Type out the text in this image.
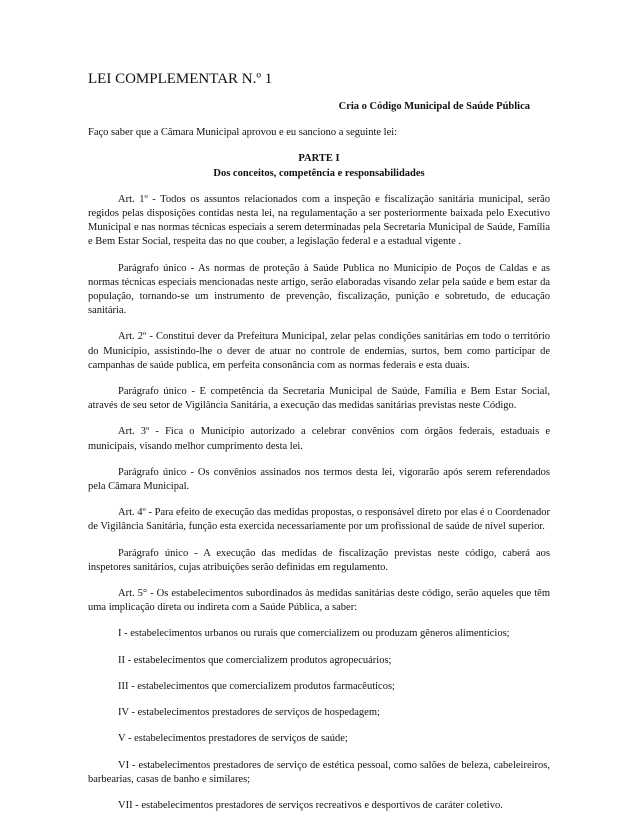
LEI COMPLEMENTAR N.º 1
Cria o Código Municipal de Saúde Pública
Faço saber que a Câmara Municipal aprovou e eu sanciono a seguinte lei:
PARTE I
Dos conceitos, competência e responsabilidades

Art. 1º - Todos os assuntos relacionados com a inspeção e fiscalização sanitária municipal, serão regidos pelas disposições contidas nesta lei, na regulamentação a ser posteriormente baixada pelo Executivo Municipal e nas normas técnicas especiais a serem determinadas pela Secretaria Municipal de Saúde, Família e Bem Estar Social, respeita das no que couber, a legislação federal e a estadual vigente .

Parágrafo único - As normas de proteção à Saúde Publica no Município de Poços de Caldas e as normas técnicas especiais mencionadas neste artigo, serão elaboradas visando zelar pela saúde e bem estar da população, tornando-se um instrumento de prevenção, fiscalização, punição e sobretudo, de educação sanitária.

Art. 2º - Constitui dever da Prefeitura Municipal, zelar pelas condições sanitárias em todo o território do Município, assistindo-lhe o dever de atuar no controle de endemias, surtos, bem como participar de campanhas de saúde publica, em perfeita consonância com as normas federais e esta duais.

Parágrafo único - E competência da Secretaria Municipal de Saúde, Família e Bem Estar Social, através de seu setor de Vigilância Sanitária, a execução das medidas sanitárias previstas neste Código.

Art. 3º - Fica o Município autorizado a celebrar convênios com órgãos federais, estaduais e municipais, visando melhor cumprimento desta lei.

Parágrafo único - Os convênios assinados nos termos desta lei, vigorarão após serem referendados pela Câmara Municipal.

Art. 4º - Para efeito de execução das medidas propostas, o responsável direto por elas é o Coordenador de Vigilância Sanitária, função esta exercida necessariamente por um profissional de saúde de nível superior.

Parágrafo único - A execução das medidas de fiscalização previstas neste código, caberá aos inspetores sanitários, cujas atribuições serão definidas em regulamento.

Art. 5° - Os estabelecimentos subordinados às medidas sanitárias deste código, serão aqueles que têm uma implicação direta ou indireta com a Saúde Pública, a saber:

I - estabelecimentos urbanos ou rurais que comercializem ou produzam gêneros alimentícios;

II - estabelecimentos que comercializem produtos agropecuários;

III - estabelecimentos que comercializem produtos farmacêuticos;

IV - estabelecimentos prestadores de serviços de hospedagem;

V - estabelecimentos prestadores de serviços de saúde;

VI - estabelecimentos prestadores de serviço de estética pessoal, como salões de beleza, cabeleireiros, barbearias, casas de banho e similares;

VII - estabelecimentos prestadores de serviços recreativos e desportivos de caráter coletivo.
